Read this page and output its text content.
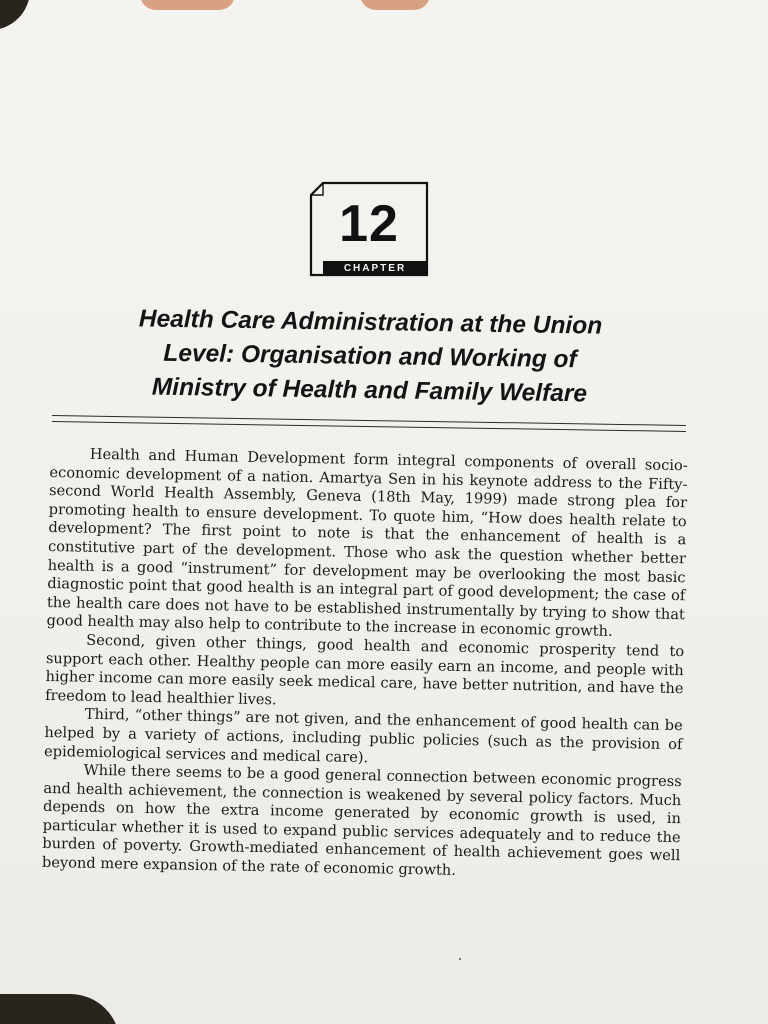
12
CHAPTER
Health Care Administration at the Union
Level: Organisation and Working of
Ministry of Health and Family Welfare

Health and Human Development form integral components of overall socio-economic development of a nation. Amartya Sen in his keynote address to the Fifty-second World Health Assembly, Geneva (18th May, 1999) made strong plea for promoting health to ensure development. To quote him, “How does health relate to development? The first point to note is that the enhancement of health is a constitutive part of the development. Those who ask the question whether better health is a good “instrument” for development may be overlooking the most basic diagnostic point that good health is an integral part of good development; the case of the health care does not have to be established instrumentally by trying to show that good health may also help to contribute to the increase in economic growth.

Second, given other things, good health and economic prosperity tend to support each other. Healthy people can more easily earn an income, and people with higher income can more easily seek medical care, have better nutrition, and have the freedom to lead healthier lives.

Third, “other things” are not given, and the enhancement of good health can be helped by a variety of actions, including public policies (such as the provision of epidemiological services and medical care).

While there seems to be a good general connection between economic progress and health achievement, the connection is weakened by several policy factors. Much depends on how the extra income generated by economic growth is used, in particular whether it is used to expand public services adequately and to reduce the burden of poverty. Growth-mediated enhancement of health achievement goes well beyond mere expansion of the rate of economic growth.
